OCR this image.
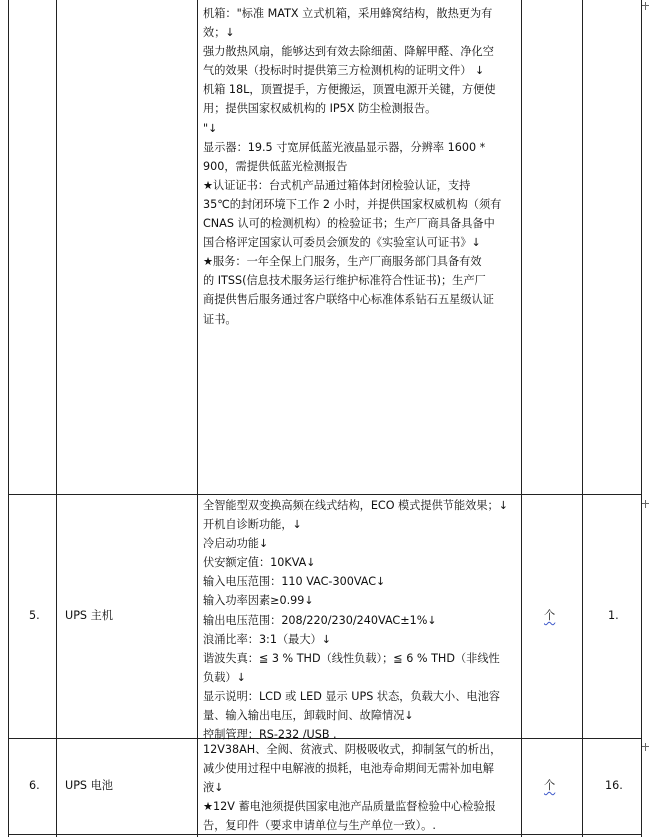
机箱："标准 MATX 立式机箱，采用蜂窝结构，散热更为有

效；↓

强力散热风扇，能够达到有效去除细菌、降解甲醛、净化空

气的效果（投标时时提供第三方检测机构的证明文件） ↓

机箱 18L，顶置提手，方便搬运，顶置电源开关键，方便使

用；提供国家权威机构的 IP5X 防尘检测报告。

"↓

显示器：19.5 寸宽屏低蓝光液晶显示器，分辨率 1600 *

900，需提供低蓝光检测报告

★认证证书：台式机产品通过箱体封闭检验认证，支持

35℃的封闭环境下工作 2 小时，并提供国家权威机构（须有

CNAS 认可的检测机构）的检验证书；生产厂商具备具备中

国合格评定国家认可委员会颁发的《实验室认可证书》↓

★服务：一年全保上门服务，生产厂商服务部门具备有效

的 ITSS(信息技术服务运行维护标准符合性证书)；生产厂

商提供售后服务通过客户联络中心标准体系钻石五星级认证

证书。

5. UPS 主机

全智能型双变换高频在线式结构，ECO 模式提供节能效果；↓

开机自诊断功能，↓

冷启动功能↓

伏安额定值：10KVA↓

输入电压范围：110 VAC-300VAC↓

输入功率因素≥0.99↓

输出电压范围：208/220/230/240VAC±1%↓

浪涌比率：3:1（最大）↓

谐波失真：≦ 3 % THD（线性负载）；≦ 6 % THD（非线性

负载）↓

显示说明：LCD 或 LED 显示 UPS 状态，负载大小、电池容

量、输入输出电压，卸载时间、故障情况↓

控制管理：RS-232 /USB .

个	1.
6. UPS 电池

12V38AH、全阀、贫液式、阴极吸收式，抑制氢气的析出，

减少使用过程中电解液的损耗，电池寿命期间无需补加电解

液↓

★12V 蓄电池须提供国家电池产品质量监督检验中心检验报

告，复印件（要求申请单位与生产单位一致）。.

个	16.
